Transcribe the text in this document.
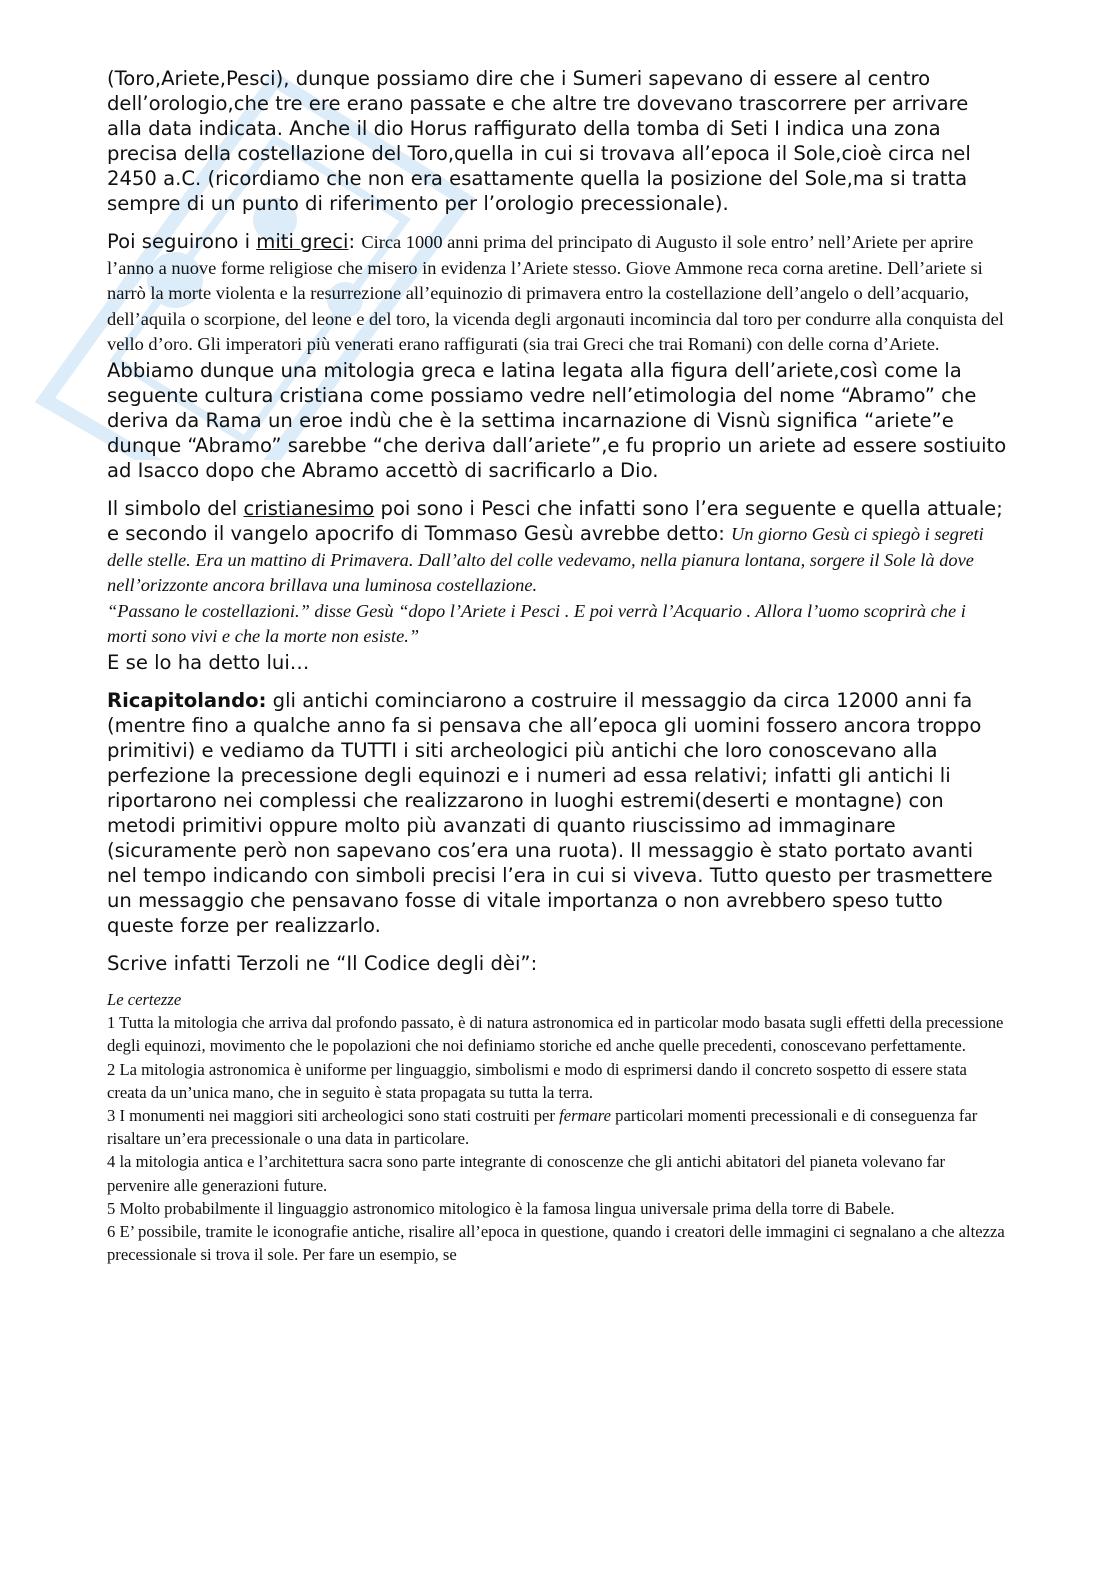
(Toro,Ariete,Pesci), dunque possiamo dire che i Sumeri sapevano di essere al centro dell’orologio,che tre ere erano passate e che altre tre dovevano trascorrere per arrivare alla data indicata. Anche il dio Horus raffigurato della tomba di Seti I indica una zona precisa della costellazione del Toro,quella in cui si trovava all’epoca il Sole,cioè circa nel 2450 a.C. (ricordiamo che non era esattamente quella la posizione del Sole,ma si tratta sempre di un punto di riferimento per l’orologio precessionale).

Poi seguirono i miti greci: Circa 1000 anni prima del principato di Augusto il sole entro’ nell’Ariete per aprire l’anno a nuove forme religiose che misero in evidenza l’Ariete stesso. Giove Ammone reca corna aretine. Dell’ariete si narrò la morte violenta e la resurrezione all’equinozio di primavera entro la costellazione dell’angelo o dell’acquario, dell’aquila o scorpione, del leone e del toro, la vicenda degli argonauti incomincia dal toro per condurre alla conquista del vello d’oro. Gli imperatori più venerati erano raffigurati (sia trai Greci che trai Romani) con delle corna d’Ariete.

Abbiamo dunque una mitologia greca e latina legata alla figura dell’ariete,così come la seguente cultura cristiana come possiamo vedre nell’etimologia del nome “Abramo” che deriva da Rama un eroe indù che è la settima incarnazione di Visnù significa “ariete”e dunque “Abramo” sarebbe “che deriva dall’ariete”,e fu proprio un ariete ad essere sostiuito ad Isacco dopo che Abramo accettò di sacrificarlo a Dio.

Il simbolo del cristianesimo poi sono i Pesci che infatti sono l’era seguente e quella attuale; e secondo il vangelo apocrifo di Tommaso Gesù avrebbe detto: Un giorno Gesù ci spiegò i segreti delle stelle. Era un mattino di Primavera. Dall’alto del colle vedevamo, nella pianura lontana, sorgere il Sole là dove nell’orizzonte ancora brillava una luminosa costellazione.

“Passano le costellazioni.” disse Gesù “dopo l’Ariete i Pesci . E poi verrà l’Acquario . Allora l’uomo scoprirà che i morti sono vivi e che la morte non esiste.”

E se lo ha detto lui…

Ricapitolando: gli antichi cominciarono a costruire il messaggio da circa 12000 anni fa (mentre fino a qualche anno fa si pensava che all’epoca gli uomini fossero ancora troppo primitivi) e vediamo da TUTTI i siti archeologici più antichi che loro conoscevano alla perfezione la precessione degli equinozi e i numeri ad essa relativi; infatti gli antichi li riportarono nei complessi che realizzarono in luoghi estremi(deserti e montagne) con metodi primitivi oppure molto più avanzati di quanto riuscissimo ad immaginare (sicuramente però non sapevano cos’era una ruota). Il messaggio è stato portato avanti nel tempo indicando con simboli precisi l’era in cui si viveva. Tutto questo per trasmettere un messaggio che pensavano fosse di vitale importanza o non avrebbero speso tutto queste forze per realizzarlo.

Scrive infatti Terzoli ne “Il Codice degli dèi”:

Le certezze

1 Tutta la mitologia che arriva dal profondo passato, è di natura astronomica ed in particolar modo basata sugli effetti della precessione degli equinozi, movimento che le popolazioni che noi definiamo storiche ed anche quelle precedenti, conoscevano perfettamente.

2 La mitologia astronomica è uniforme per linguaggio, simbolismi e modo di esprimersi dando il concreto sospetto di essere stata creata da un’unica mano, che in seguito è stata propagata su tutta la terra.

3 I monumenti nei maggiori siti archeologici sono stati costruiti per fermare particolari momenti precessionali e di conseguenza far risaltare un’era precessionale o una data in particolare.

4 la mitologia antica e l’architettura sacra sono parte integrante di conoscenze che gli antichi abitatori del pianeta volevano far pervenire alle generazioni future.

5 Molto probabilmente il linguaggio astronomico mitologico è la famosa lingua universale prima della torre di Babele.

6 E’ possibile, tramite le iconografie antiche, risalire all’epoca in questione, quando i creatori delle immagini ci segnalano a che altezza precessionale si trova il sole. Per fare un esempio, se
